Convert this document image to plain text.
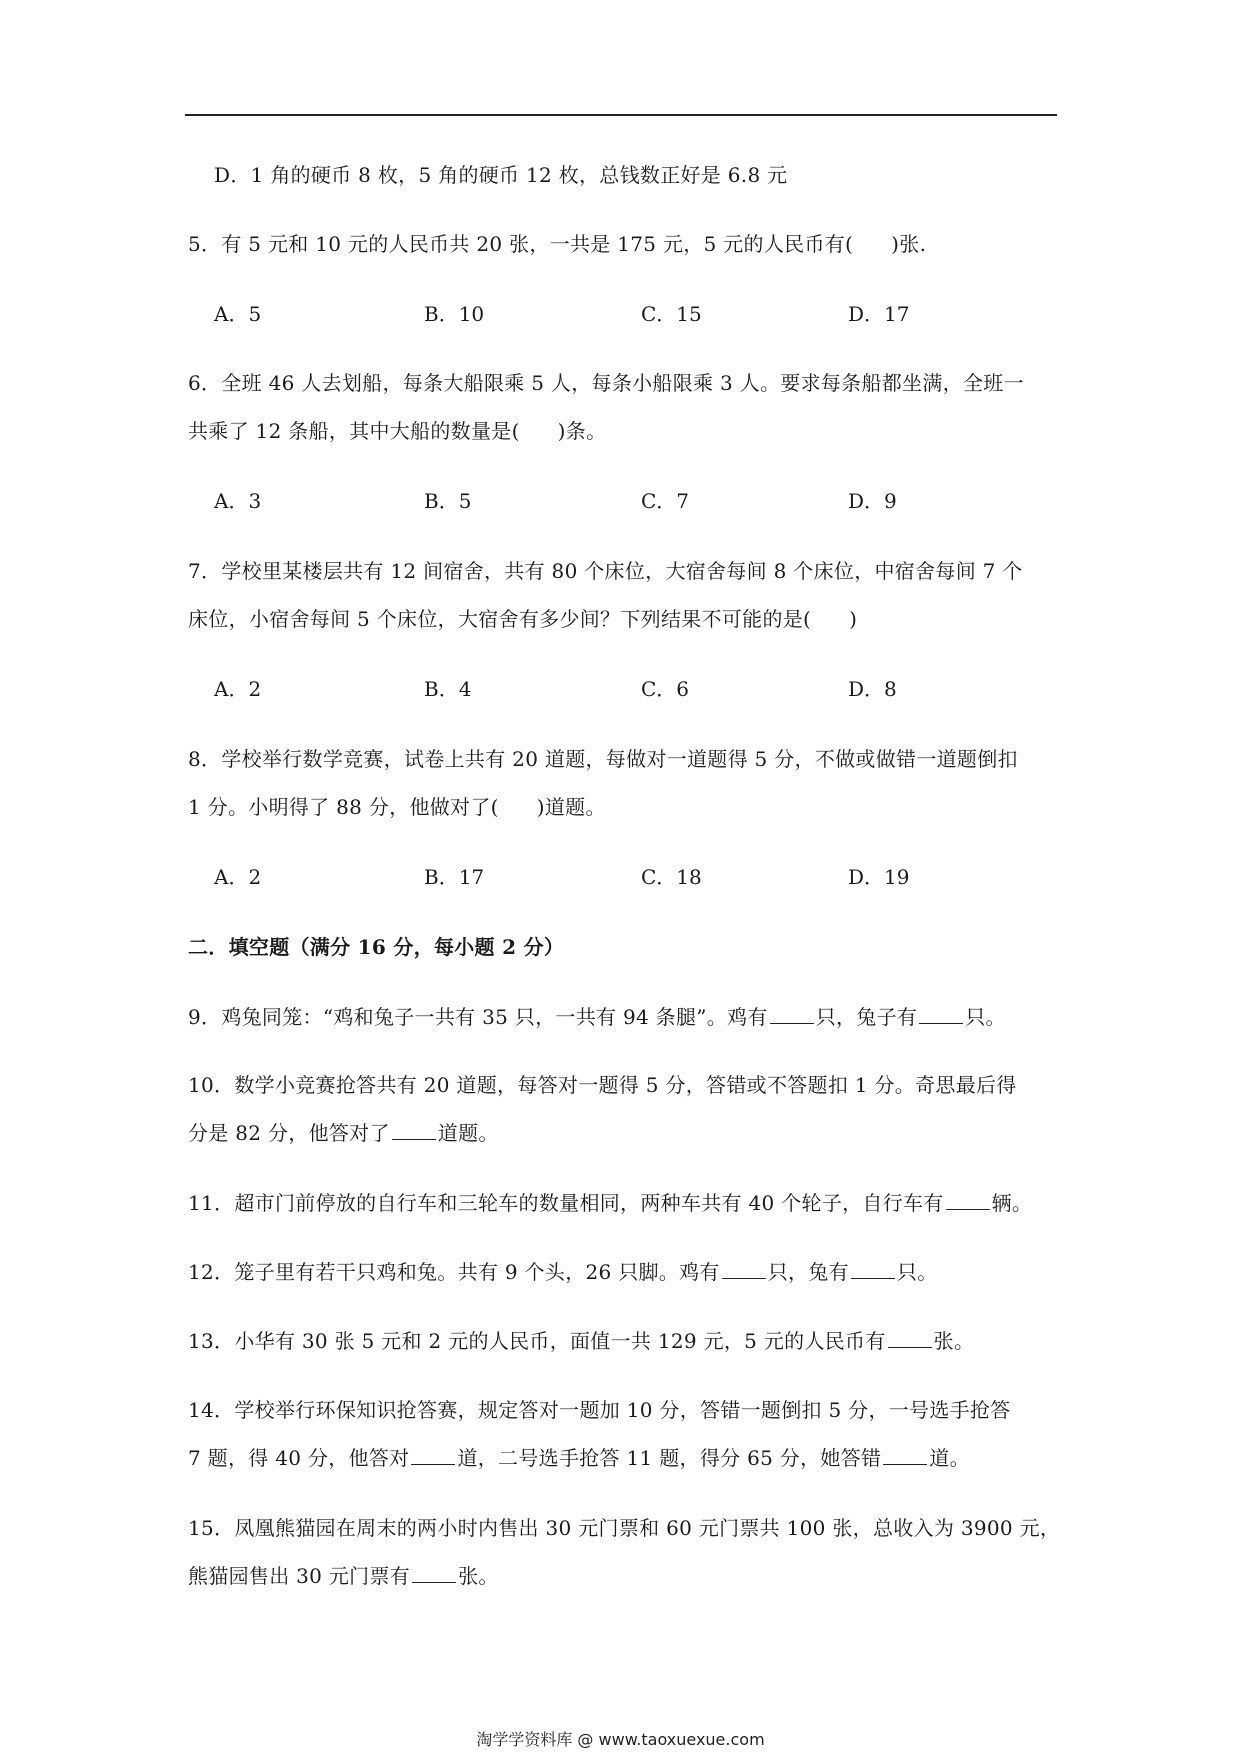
D．1 角的硬币 8 枚，5 角的硬币 12 枚，总钱数正好是 6.8 元
5．有 5 元和 10 元的人民币共 20 张，一共是 175 元，5 元的人民币有( )张.
A．5	B．10	C．15	D．17
6．全班 46 人去划船，每条大船限乘 5 人，每条小船限乘 3 人。要求每条船都坐满，全班一
共乘了 12 条船，其中大船的数量是( )条。
A．3	B．5	C．7	D．9
7．学校里某楼层共有 12 间宿舍，共有 80 个床位，大宿舍每间 8 个床位，中宿舍每间 7 个
床位，小宿舍每间 5 个床位，大宿舍有多少间？下列结果不可能的是( )
A．2	B．4	C．6	D．8
8．学校举行数学竞赛，试卷上共有 20 道题，每做对一道题得 5 分，不做或做错一道题倒扣
1 分。小明得了 88 分，他做对了( )道题。
A．2	B．17	C．18	D．19
二．填空题（满分 16 分，每小题 2 分）
9．鸡兔同笼：“鸡和兔子一共有 35 只，一共有 94 条腿”。鸡有 只，兔子有 只。
10．数学小竞赛抢答共有 20 道题，每答对一题得 5 分，答错或不答题扣 1 分。奇思最后得
分是 82 分，他答对了 道题。
11．超市门前停放的自行车和三轮车的数量相同，两种车共有 40 个轮子，自行车有 辆。
12．笼子里有若干只鸡和兔。共有 9 个头，26 只脚。鸡有 只，兔有 只。
13．小华有 30 张 5 元和 2 元的人民币，面值一共 129 元，5 元的人民币有 张。
14．学校举行环保知识抢答赛，规定答对一题加 10 分，答错一题倒扣 5 分，一号选手抢答
7 题，得 40 分，他答对 道，二号选手抢答 11 题，得分 65 分，她答错 道。
15．凤凰熊猫园在周末的两小时内售出 30 元门票和 60 元门票共 100 张，总收入为 3900 元，
熊猫园售出 30 元门票有 张。
淘学学资料库 @ www.taoxuexue.com
